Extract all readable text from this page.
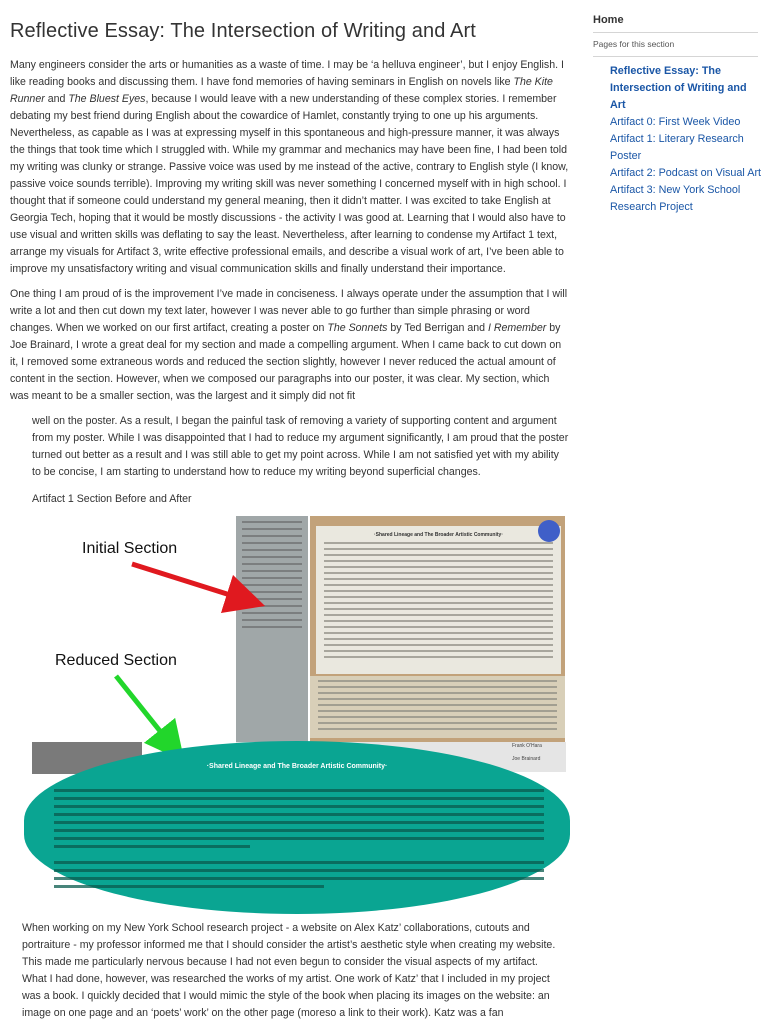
Reflective Essay: The Intersection of Writing and Art

Many engineers consider the arts or humanities as a waste of time. I may be ‘a helluva engineer’, but I enjoy English. I like reading books and discussing them. I have fond memories of having seminars in English on novels like The Kite Runner and The Bluest Eyes, because I would leave with a new understanding of these complex stories. I remember debating my best friend during English about the cowardice of Hamlet, constantly trying to one up his arguments. Nevertheless, as capable as I was at expressing myself in this spontaneous and high-pressure manner, it was always the things that took time which I struggled with. While my grammar and mechanics may have been fine, I had been told my writing was clunky or strange. Passive voice was used by me instead of the active, contrary to English style (I know, passive voice sounds terrible). Improving my writing skill was never something I concerned myself with in high school. I thought that if someone could understand my general meaning, then it didn’t matter. I was excited to take English at Georgia Tech, hoping that it would be mostly discussions - the activity I was good at. Learning that I would also have to use visual and written skills was deflating to say the least. Nevertheless, after learning to condense my Artifact 1 text, arrange my visuals for Artifact 3, write effective professional emails, and describe a visual work of art, I’ve been able to improve my unsatisfactory writing and visual communication skills and finally understand their importance.

One thing I am proud of is the improvement I’ve made in conciseness. I always operate under the assumption that I will write a lot and then cut down my text later, however I was never able to go further than simple phrasing or word changes. When we worked on our first artifact, creating a poster on The Sonnets by Ted Berrigan and I Remember by Joe Brainard, I wrote a great deal for my section and made a compelling argument. When I came back to cut down on it, I removed some extraneous words and reduced the section slightly, however I never reduced the actual amount of content in the section. However, when we composed our paragraphs into our poster, it was clear. My section, which was meant to be a smaller section, was the largest and it simply did not fit

well on the poster. As a result, I began the painful task of removing a variety of supporting content and argument from my poster. While I was disappointed that I had to reduce my argument significantly, I am proud that the poster turned out better as a result and I was still able to get my point across. While I am not satisfied yet with my ability to be concise, I am starting to understand how to reduce my writing beyond superficial changes.

Artifact 1 Section Before and After
·Shared Lineage and The Broader Artistic Community·
Frank O'Hara
Joe Brainard
Initial Section
Reduced Section
·Shared Lineage and The Broader Artistic Community·

When working on my New York School research project - a website on Alex Katz’ collaborations, cutouts and portraiture - my professor informed me that I should consider the artist’s aesthetic style when creating my website. This made me particularly nervous because I had not even begun to consider the visual aspects of my artifact. What I had done, however, was researched the works of my artist. One work of Katz’ that I included in my project was a book. I quickly decided that I would mimic the style of the book when placing its images on the website: an image on one page and an ‘poets’ work’ on the other page (moreso a link to their work). Katz was a fan

Home
Pages for this section
Reflective Essay: The Intersection of Writing and Art
Artifact 0: First Week Video
Artifact 1: Literary Research Poster
Artifact 2: Podcast on Visual Art
Artifact 3: New York School Research Project
